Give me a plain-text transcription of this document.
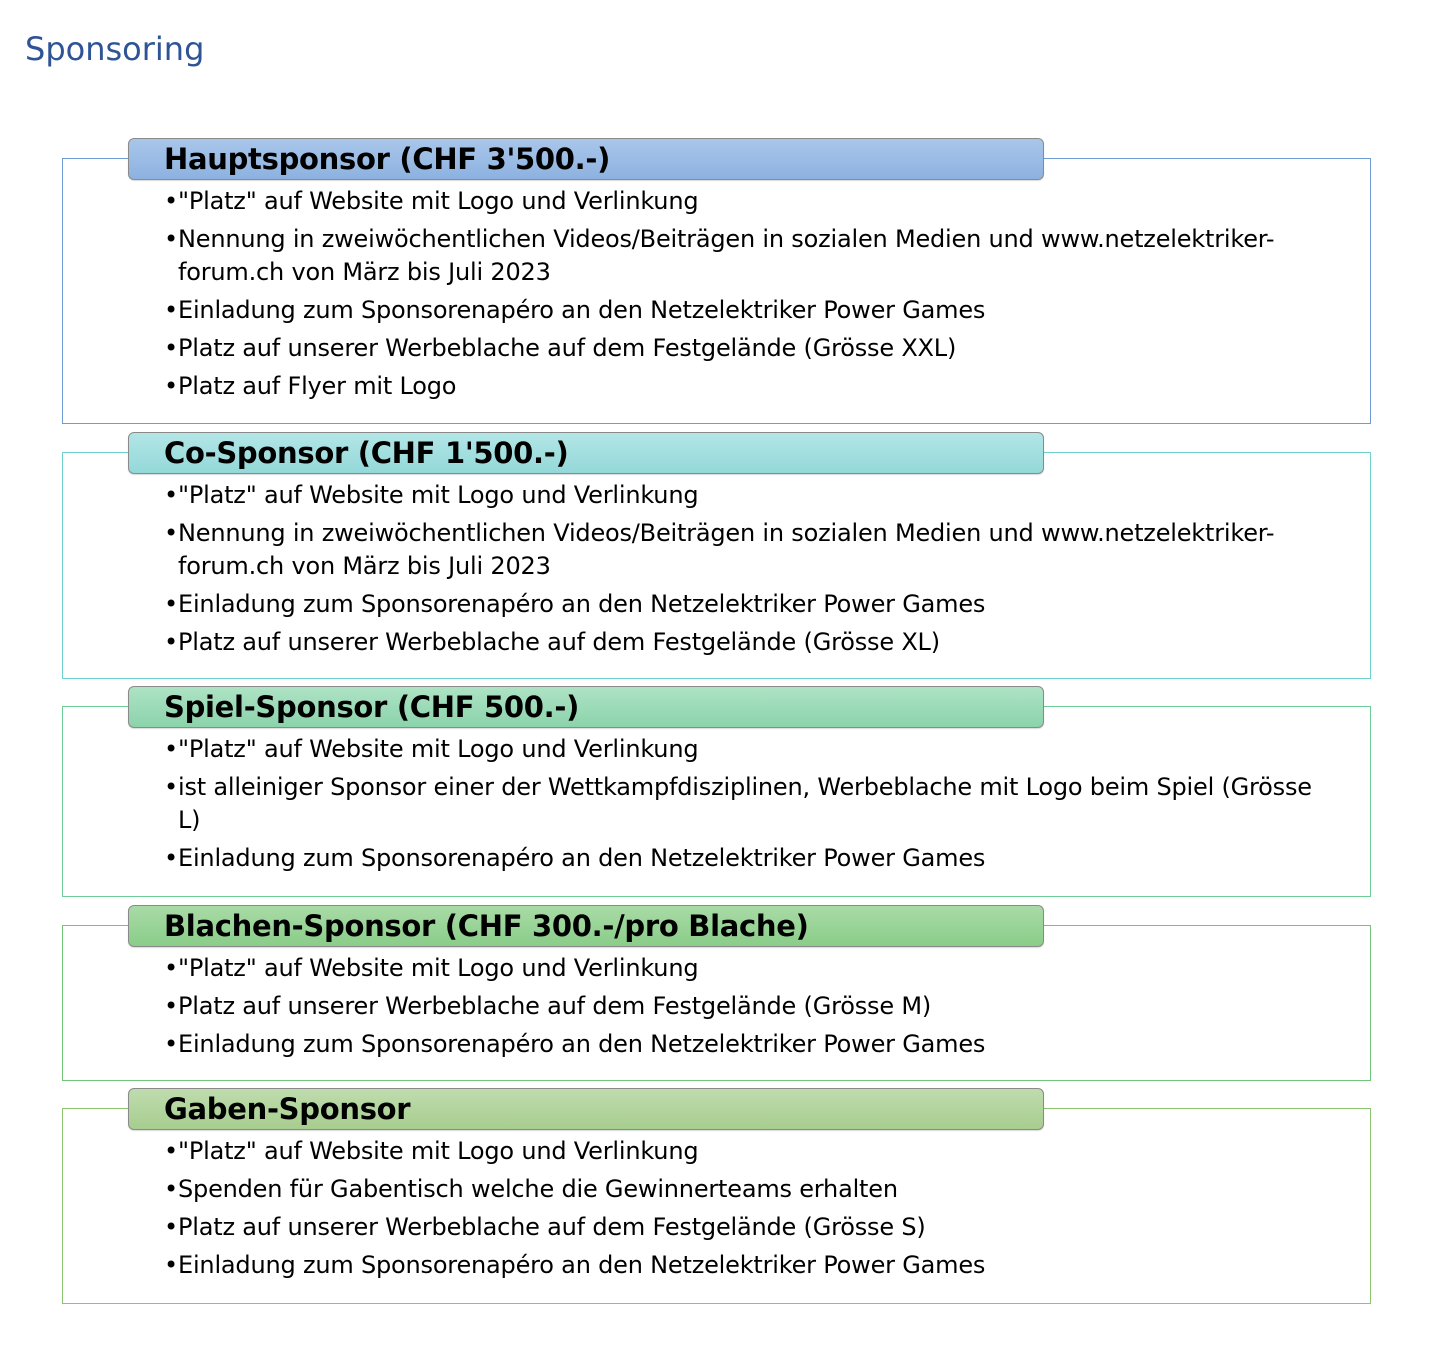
Sponsoring
Hauptsponsor (CHF 3'500.-)
• "Platz" auf Website mit Logo und Verlinkung
• Nennung in zweiwöchentlichen Videos/Beiträgen in sozialen Medien und www.netzelektriker-forum.ch von März bis Juli 2023
• Einladung zum Sponsorenapéro an den Netzelektriker Power Games
• Platz auf unserer Werbeblache auf dem Festgelände (Grösse XXL)
• Platz auf Flyer mit Logo
Co-Sponsor (CHF 1'500.-)
• "Platz" auf Website mit Logo und Verlinkung
• Nennung in zweiwöchentlichen Videos/Beiträgen in sozialen Medien und www.netzelektriker-forum.ch von März bis Juli 2023
• Einladung zum Sponsorenapéro an den Netzelektriker Power Games
• Platz auf unserer Werbeblache auf dem Festgelände (Grösse XL)
Spiel-Sponsor (CHF 500.-)
• "Platz" auf Website mit Logo und Verlinkung
• ist alleiniger Sponsor einer der Wettkampfdisziplinen, Werbeblache mit Logo beim Spiel (Grösse L)
• Einladung zum Sponsorenapéro an den Netzelektriker Power Games
Blachen-Sponsor (CHF 300.-/pro Blache)
• "Platz" auf Website mit Logo und Verlinkung
• Platz auf unserer Werbeblache auf dem Festgelände (Grösse M)
• Einladung zum Sponsorenapéro an den Netzelektriker Power Games
Gaben-Sponsor
• "Platz" auf Website mit Logo und Verlinkung
• Spenden für Gabentisch welche die Gewinnerteams erhalten
• Platz auf unserer Werbeblache auf dem Festgelände (Grösse S)
• Einladung zum Sponsorenapéro an den Netzelektriker Power Games
